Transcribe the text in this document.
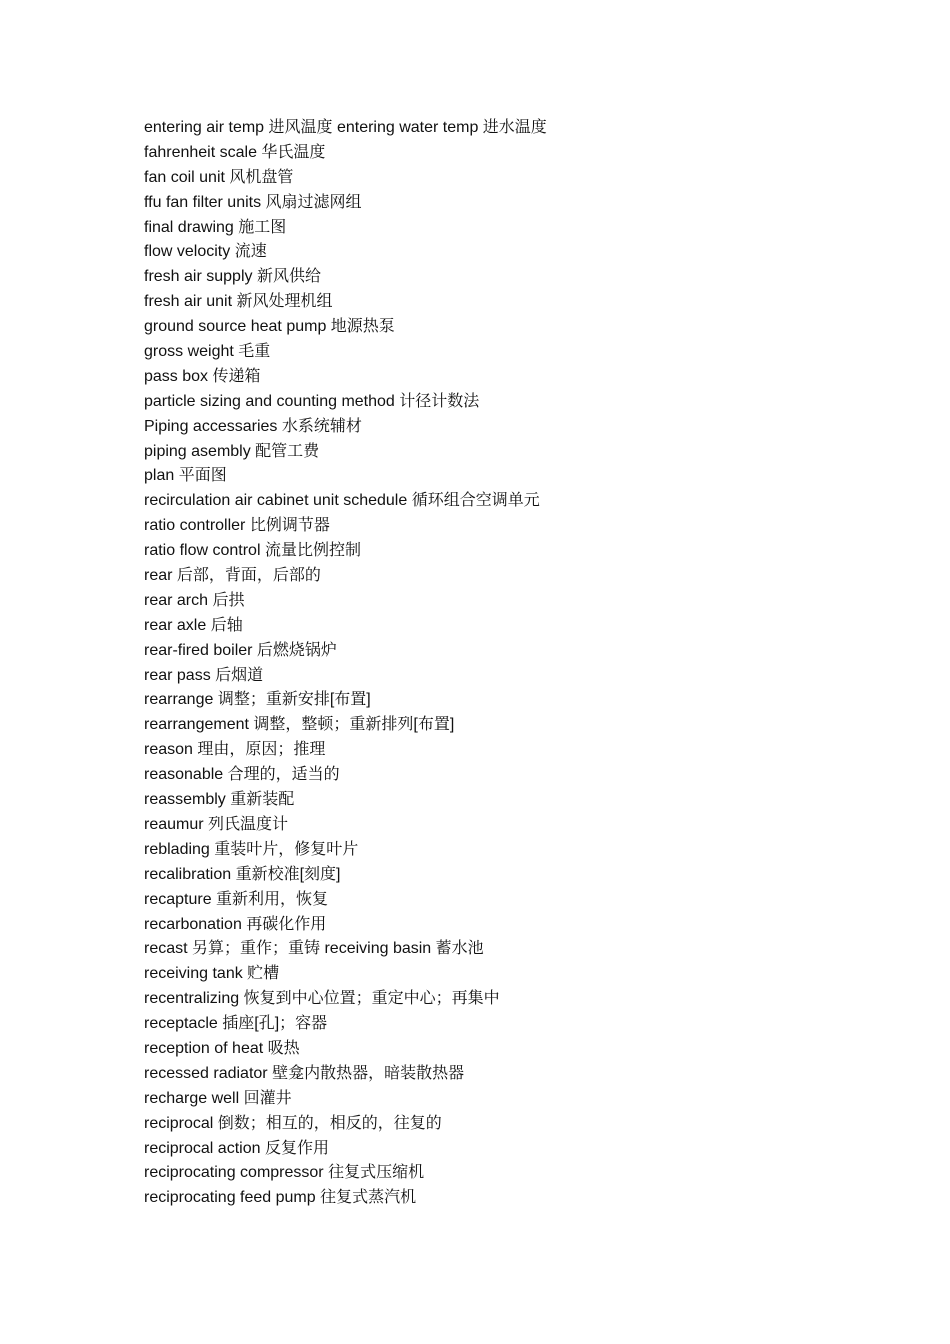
entering air temp 进风温度 entering water temp 进水温度
fahrenheit scale 华氏温度
fan coil unit 风机盘管
ffu fan filter units 风扇过滤网组
final drawing 施工图
flow velocity 流速
fresh air supply 新风供给
fresh air unit 新风处理机组
ground source heat pump 地源热泵
gross weight 毛重
pass box 传递箱
particle sizing and counting method 计径计数法
Piping accessaries 水系统辅材
piping asembly 配管工费
plan 平面图
recirculation air cabinet unit schedule 循环组合空调单元
ratio controller 比例调节器
ratio flow control 流量比例控制
rear 后部，背面，后部的
rear arch 后拱
rear axle 后轴
rear-fired boiler 后燃烧锅炉
rear pass 后烟道
rearrange 调整；重新安排[布置]
rearrangement 调整，整顿；重新排列[布置]
reason 理由，原因；推理
reasonable 合理的，适当的
reassembly 重新装配
reaumur 列氏温度计
reblading 重装叶片，修复叶片
recalibration 重新校准[刻度]
recapture 重新利用，恢复
recarbonation 再碳化作用
recast 另算；重作；重铸 receiving basin 蓄水池
receiving tank 贮槽
recentralizing 恢复到中心位置；重定中心；再集中
receptacle 插座[孔]；容器
reception of heat 吸热
recessed radiator 壁龛内散热器，暗装散热器
recharge well 回灌井
reciprocal 倒数；相互的，相反的，往复的
reciprocal action 反复作用
reciprocating compressor 往复式压缩机
reciprocating feed pump 往复式蒸汽机
